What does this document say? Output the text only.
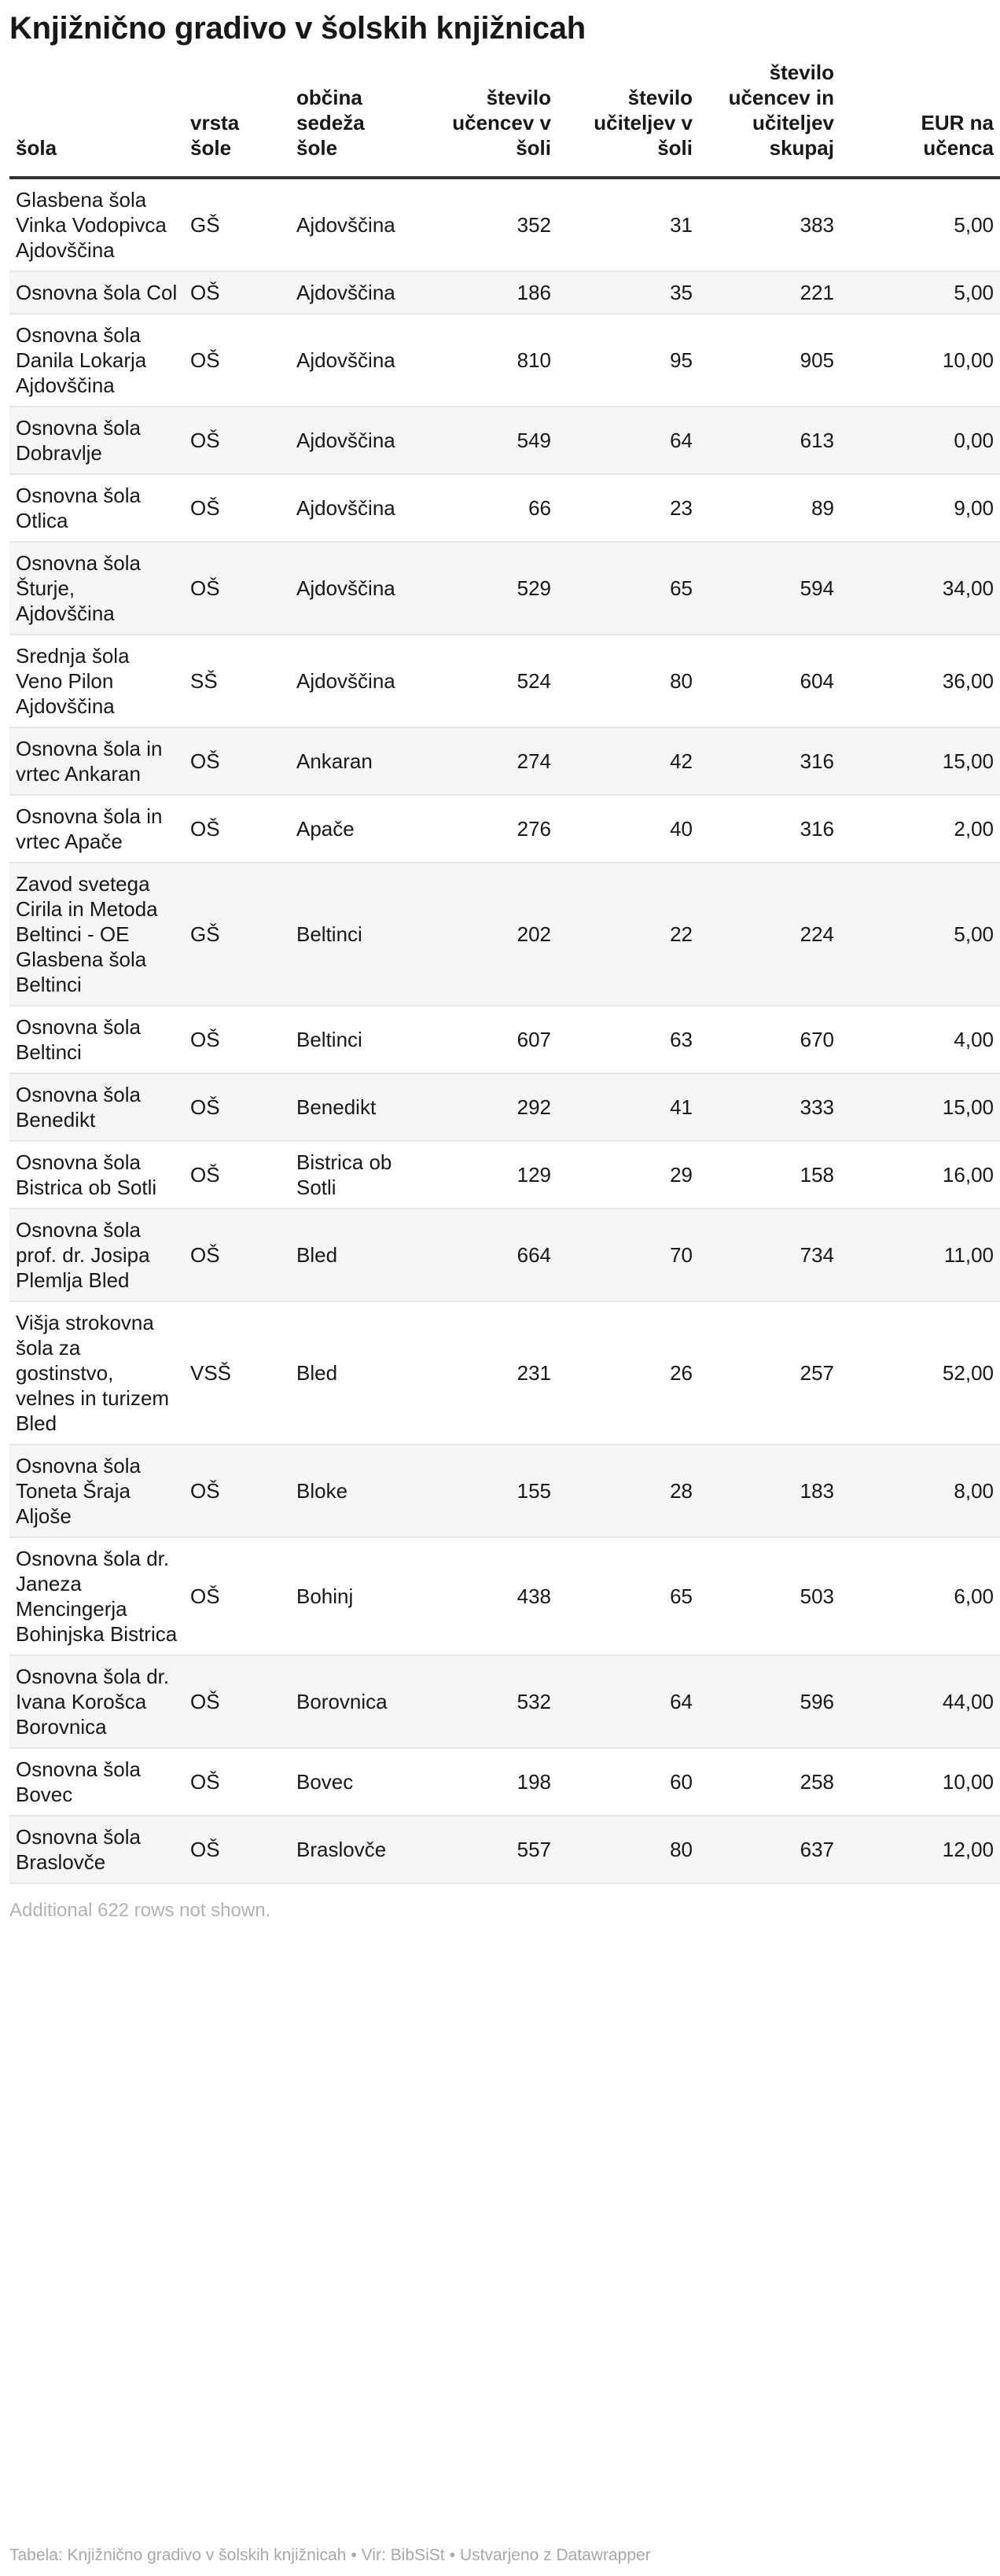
Knjižnično gradivo v šolskih knjižnicah
šola	vrsta šole	občina sedeža šole	število učencev v šoli	število učiteljev v šoli	število učencev in učiteljev skupaj	EUR na učenca
Glasbena šola Vinka Vodopivca Ajdovščina	GŠ	Ajdovščina	352	31	383	5,00
Osnovna šola Col	OŠ	Ajdovščina	186	35	221	5,00
Osnovna šola Danila Lokarja Ajdovščina	OŠ	Ajdovščina	810	95	905	10,00
Osnovna šola Dobravlje	OŠ	Ajdovščina	549	64	613	0,00
Osnovna šola Otlica	OŠ	Ajdovščina	66	23	89	9,00
Osnovna šola Šturje, Ajdovščina	OŠ	Ajdovščina	529	65	594	34,00
Srednja šola Veno Pilon Ajdovščina	SŠ	Ajdovščina	524	80	604	36,00
Osnovna šola in vrtec Ankaran	OŠ	Ankaran	274	42	316	15,00
Osnovna šola in vrtec Apače	OŠ	Apače	276	40	316	2,00
Zavod svetega Cirila in Metoda Beltinci - OE Glasbena šola Beltinci	GŠ	Beltinci	202	22	224	5,00
Osnovna šola Beltinci	OŠ	Beltinci	607	63	670	4,00
Osnovna šola Benedikt	OŠ	Benedikt	292	41	333	15,00
Osnovna šola Bistrica ob Sotli	OŠ	Bistrica ob Sotli	129	29	158	16,00
Osnovna šola prof. dr. Josipa Plemlja Bled	OŠ	Bled	664	70	734	11,00
Višja strokovna šola za gostinstvo, velnes in turizem Bled	VSŠ	Bled	231	26	257	52,00
Osnovna šola Toneta Šraja Aljoše	OŠ	Bloke	155	28	183	8,00
Osnovna šola dr. Janeza Mencingerja Bohinjska Bistrica	OŠ	Bohinj	438	65	503	6,00
Osnovna šola dr. Ivana Korošca Borovnica	OŠ	Borovnica	532	64	596	44,00
Osnovna šola Bovec	OŠ	Bovec	198	60	258	10,00
Osnovna šola Braslovče	OŠ	Braslovče	557	80	637	12,00
Additional 622 rows not shown.
Tabela: Knjižnično gradivo v šolskih knjižnicah • Vir: BibSiSt • Ustvarjeno z Datawrapper
